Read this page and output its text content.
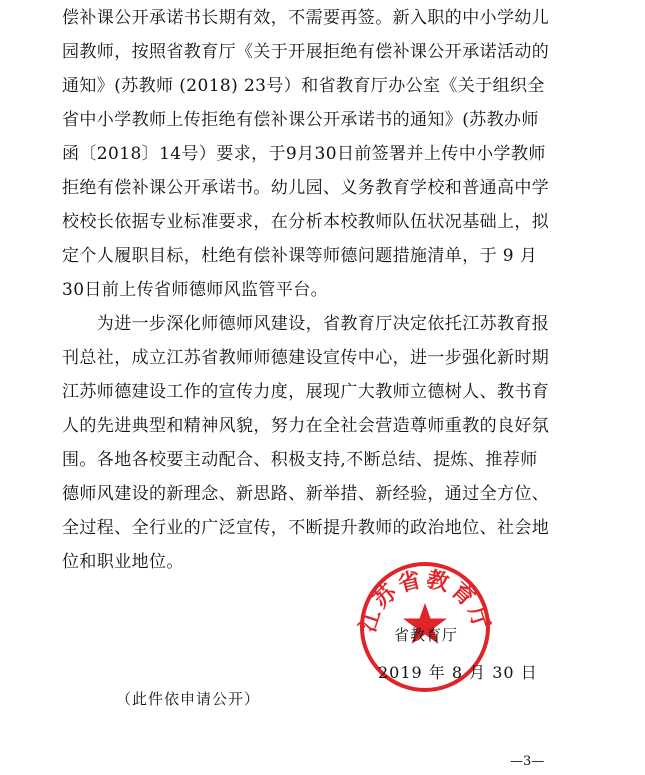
偿补课公开承诺书长期有效，不需要再签。新入职的中小学幼儿
园教师，按照省教育厅《关于开展拒绝有偿补课公开承诺活动的
通知》(苏教师 (2018) 23号）和省教育厅办公室《关于组织全
省中小学教师上传拒绝有偿补课公开承诺书的通知》(苏教办师
函〔2018〕14号）要求，于9月30日前签署并上传中小学教师
拒绝有偿补课公开承诺书。幼儿园、义务教育学校和普通高中学
校校长依据专业标准要求，在分析本校教师队伍状况基础上，拟
定个人履职目标，杜绝有偿补课等师德问题措施清单，于 9 月
30日前上传省师德师风监管平台。
　　为进一步深化师德师风建设，省教育厅决定依托江苏教育报
刊总社，成立江苏省教师师德建设宣传中心，进一步强化新时期
江苏师德建设工作的宣传力度，展现广大教师立德树人、教书育
人的先进典型和精神风貌，努力在全社会营造尊师重教的良好氛
围。各地各校要主动配合、积极支持,不断总结、提炼、推荐师
德师风建设的新理念、新思路、新举措、新经验，通过全方位、
全过程、全行业的广泛宣传，不断提升教师的政治地位、社会地
位和职业地位。
江苏省教育厅
省教育厅
2019 年 8 月 30 日
（此件依申请公开）
—3—
